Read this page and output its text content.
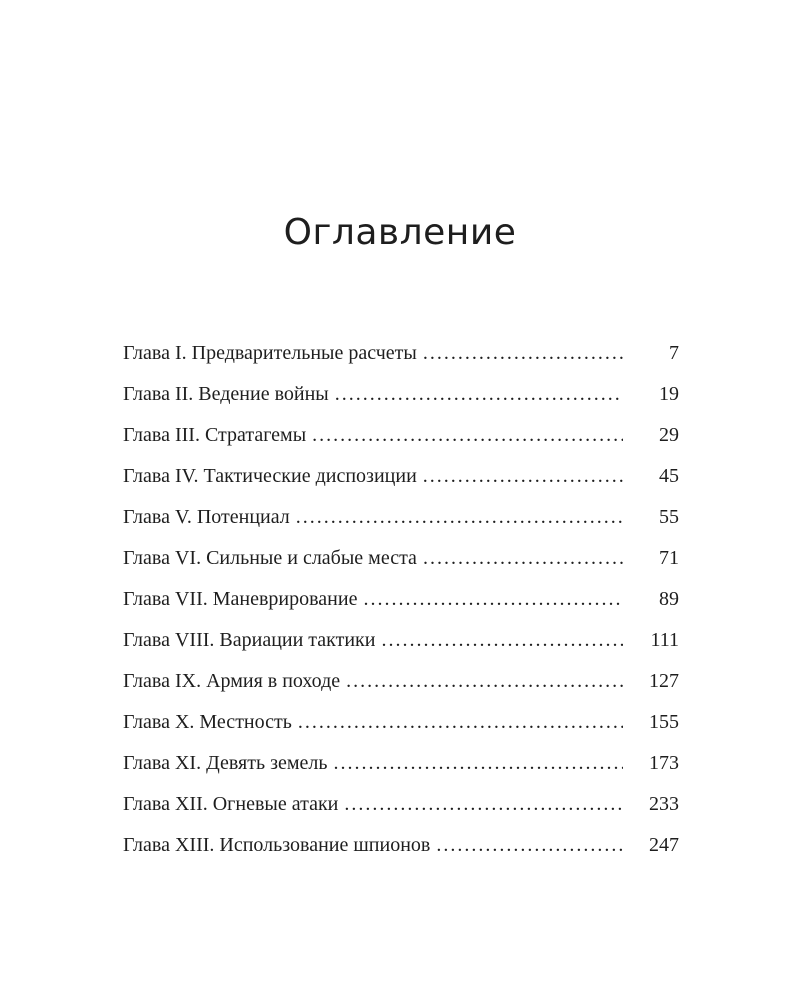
Оглавление
Глава I. Предварительные расчеты .....	7
Глава II. Ведение войны .....	19
Глава III. Стратагемы .....	29
Глава IV. Тактические диспозиции .....	45
Глава V. Потенциал .....	55
Глава VI. Сильные и слабые места .....	71
Глава VII. Маневрирование .....	89
Глава VIII. Вариации тактики .....	111
Глава IX. Армия в походе .....	127
Глава X. Местность .....	155
Глава XI. Девять земель .....	173
Глава XII. Огневые атаки .....	233
Глава XIII. Использование шпионов .....	247
